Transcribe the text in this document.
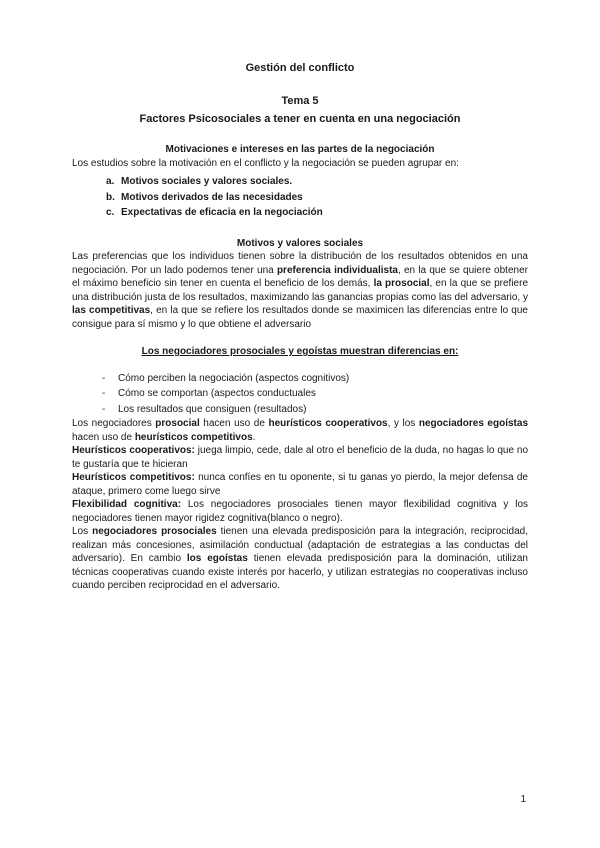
Gestión del conflicto
Tema 5
Factores Psicosociales a tener en cuenta en una negociación
Motivaciones e intereses en las partes de la negociación

Los estudios sobre la motivación en el conflicto y la negociación se pueden agrupar en:

a. Motivos sociales y valores sociales.
b. Motivos derivados de las necesidades
c. Expectativas de eficacia en la negociación
Motivos y valores sociales

Las preferencias que los individuos tienen sobre la distribución de los resultados obtenidos en una negociación. Por un lado podemos tener una preferencia individualista, en la que se quiere obtener el máximo beneficio sin tener en cuenta el beneficio de los demás, la prosocial, en la que se prefiere una distribución justa de los resultados, maximizando las ganancias propias como las del adversario, y las competitivas, en la que se refiere los resultados donde se maximicen las diferencias entre lo que consigue para sí mismo y lo que obtiene el adversario

Los negociadores prosociales y egoístas muestran diferencias en:
- Cómo perciben la negociación (aspectos cognitivos)
- Cómo se comportan (aspectos conductuales
- Los resultados que consiguen (resultados)

Los negociadores prosocial hacen uso de heurísticos cooperativos, y los negociadores egoístas hacen uso de heurísticos competitivos.

Heurísticos cooperativos: juega limpio, cede, dale al otro el beneficio de la duda, no hagas lo que no te gustaría que te hicieran

Heurísticos competitivos: nunca confíes en tu oponente, si tu ganas yo pierdo, la mejor defensa de ataque, primero come luego sirve

Flexibilidad cognitiva: Los negociadores prosociales tienen mayor flexibilidad cognitiva y los negociadores tienen mayor rigidez cognitiva(blanco o negro).

Los negociadores prosociales tienen una elevada predisposición para la integración, reciprocidad, realizan más concesiones, asimilación conductual (adaptación de estrategias a las conductas del adversario). En cambio los egoístas tienen elevada predisposición para la dominación, utilizan técnicas cooperativas cuando existe interés por hacerlo, y utilizan estrategias no cooperativas incluso cuando perciben reciprocidad en el adversario.

1
